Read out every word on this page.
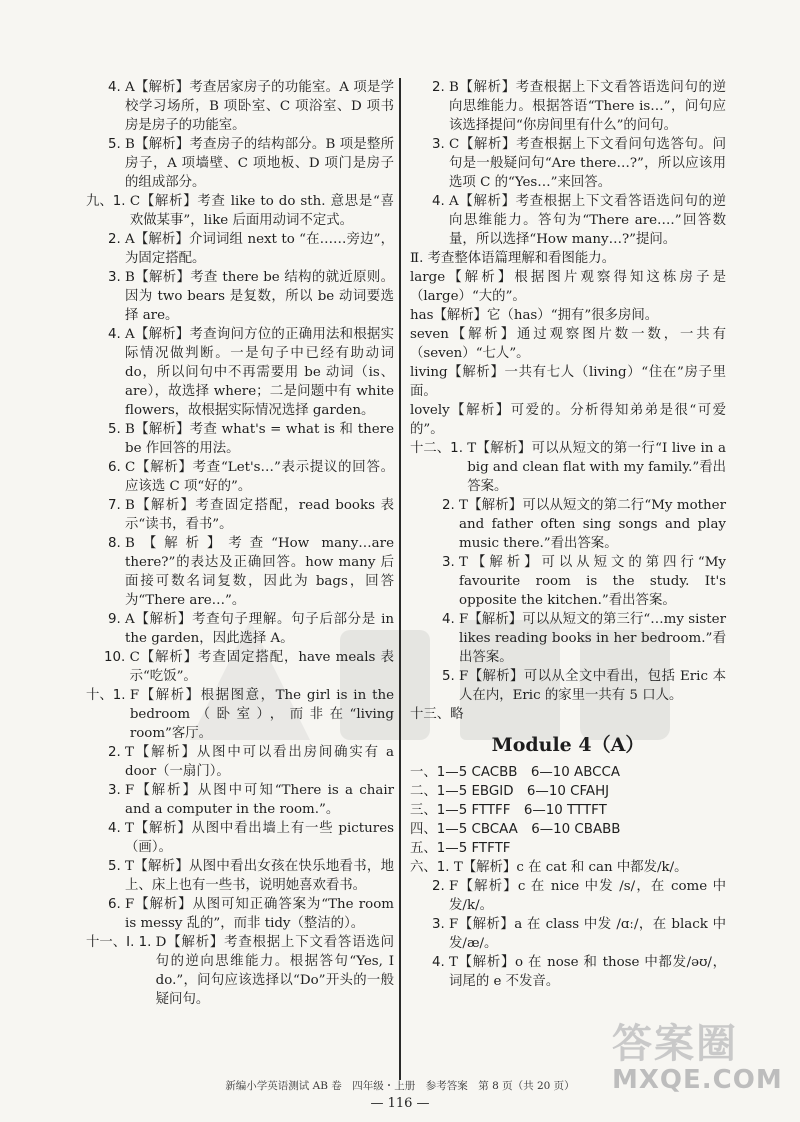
4. A【解析】考查居家房子的功能室。A 项是学校学习场所，B 项卧室、C 项浴室、D 项书房是房子的功能室。
5. B【解析】考查房子的结构部分。B 项是整所房子，A 项墙壁、C 项地板、D 项门是房子的组成部分。
九、1. C【解析】考查 like to do sth. 意思是“喜欢做某事”，like 后面用动词不定式。
2. A【解析】介词词组 next to “在……旁边”，为固定搭配。
3. B【解析】考查 there be 结构的就近原则。因为 two bears 是复数，所以 be 动词要选择 are。
4. A【解析】考查询问方位的正确用法和根据实际情况做判断。一是句子中已经有助动词 do，所以问句中不再需要用 be 动词（is、are），故选择 where；二是问题中有 white flowers，故根据实际情况选择 garden。
5. B【解析】考查 what's = what is 和 there be 作回答的用法。
6. C【解析】考查“Let's…”表示提议的回答。应该选 C 项“好的”。
7. B【解析】考查固定搭配，read books 表示“读书，看书”。
8. B【解析】考查“How many…are there?”的表达及正确回答。how many 后面接可数名词复数，因此为 bags，回答为“There are…”。
9. A【解析】考查句子理解。句子后部分是 in the garden，因此选择 A。
10. C【解析】考查固定搭配，have meals 表示“吃饭”。
十、1. F【解析】根据图意，The girl is in the bedroom（卧室），而非在“living room”客厅。
2. T【解析】从图中可以看出房间确实有 a door（一扇门）。
3. F【解析】从图中可知“There is a chair and a computer in the room.”。
4. T【解析】从图中看出墙上有一些 pictures（画）。
5. T【解析】从图中看出女孩在快乐地看书，地上、床上也有一些书，说明她喜欢看书。
6. F【解析】从图可知正确答案为“The room is messy 乱的”，而非 tidy（整洁的）。
十一、Ⅰ. 1. D【解析】考查根据上下文看答语选问句的逆向思维能力。根据答句“Yes, I do.”，问句应该选择以“Do”开头的一般疑问句。
2. B【解析】考查根据上下文看答语选问句的逆向思维能力。根据答语“There is…”，问句应该选择提问“你房间里有什么”的问句。
3. C【解析】考查根据上下文看问句选答句。问句是一般疑问句“Are there…?”，所以应该用选项 C 的“Yes…”来回答。
4. A【解析】考查根据上下文看答语选问句的逆向思维能力。答句为“There are….”回答数量，所以选择“How many…?”提问。
Ⅱ. 考查整体语篇理解和看图能力。
large【解析】根据图片观察得知这栋房子是（large）“大的”。
has【解析】它（has）“拥有”很多房间。
seven【解析】通过观察图片数一数，一共有（seven）“七人”。
living【解析】一共有七人（living）“住在”房子里面。
lovely【解析】可爱的。分析得知弟弟是很“可爱的”。
十二、1. T【解析】可以从短文的第一行“I live in a big and clean flat with my family.”看出答案。
2. T【解析】可以从短文的第二行“My mother and father often sing songs and play music there.”看出答案。
3. T【解析】可以从短文的第四行“My favourite room is the study. It's opposite the kitchen.”看出答案。
4. F【解析】可以从短文的第三行“…my sister likes reading books in her bedroom.”看出答案。
5. F【解析】可以从全文中看出，包括 Eric 本人在内，Eric 的家里一共有 5 口人。
十三、 略
Module 4（A）
一、1—5 CACBB　6—10 ABCCA
二、1—5 EBGID　6—10 CFAHJ
三、1—5 FTTFF　6—10 TTTFT
四、1—5 CBCAA　6—10 CBABB
五、1—5 FTFTF
六、1. T【解析】c 在 cat 和 can 中都发/k/。
2. F【解析】c 在 nice 中发 /s/，在 come 中发/k/。
3. F【解析】a 在 class 中发 /ɑː/，在 black 中发/æ/。
4. T【解析】o 在 nose 和 those 中都发/əʊ/，词尾的 e 不发音。
新编小学英语测试 AB 卷　四年级・上册　参考答案　第 8 页（共 20 页）
— 116 —
答案圈
MXQE.COM
